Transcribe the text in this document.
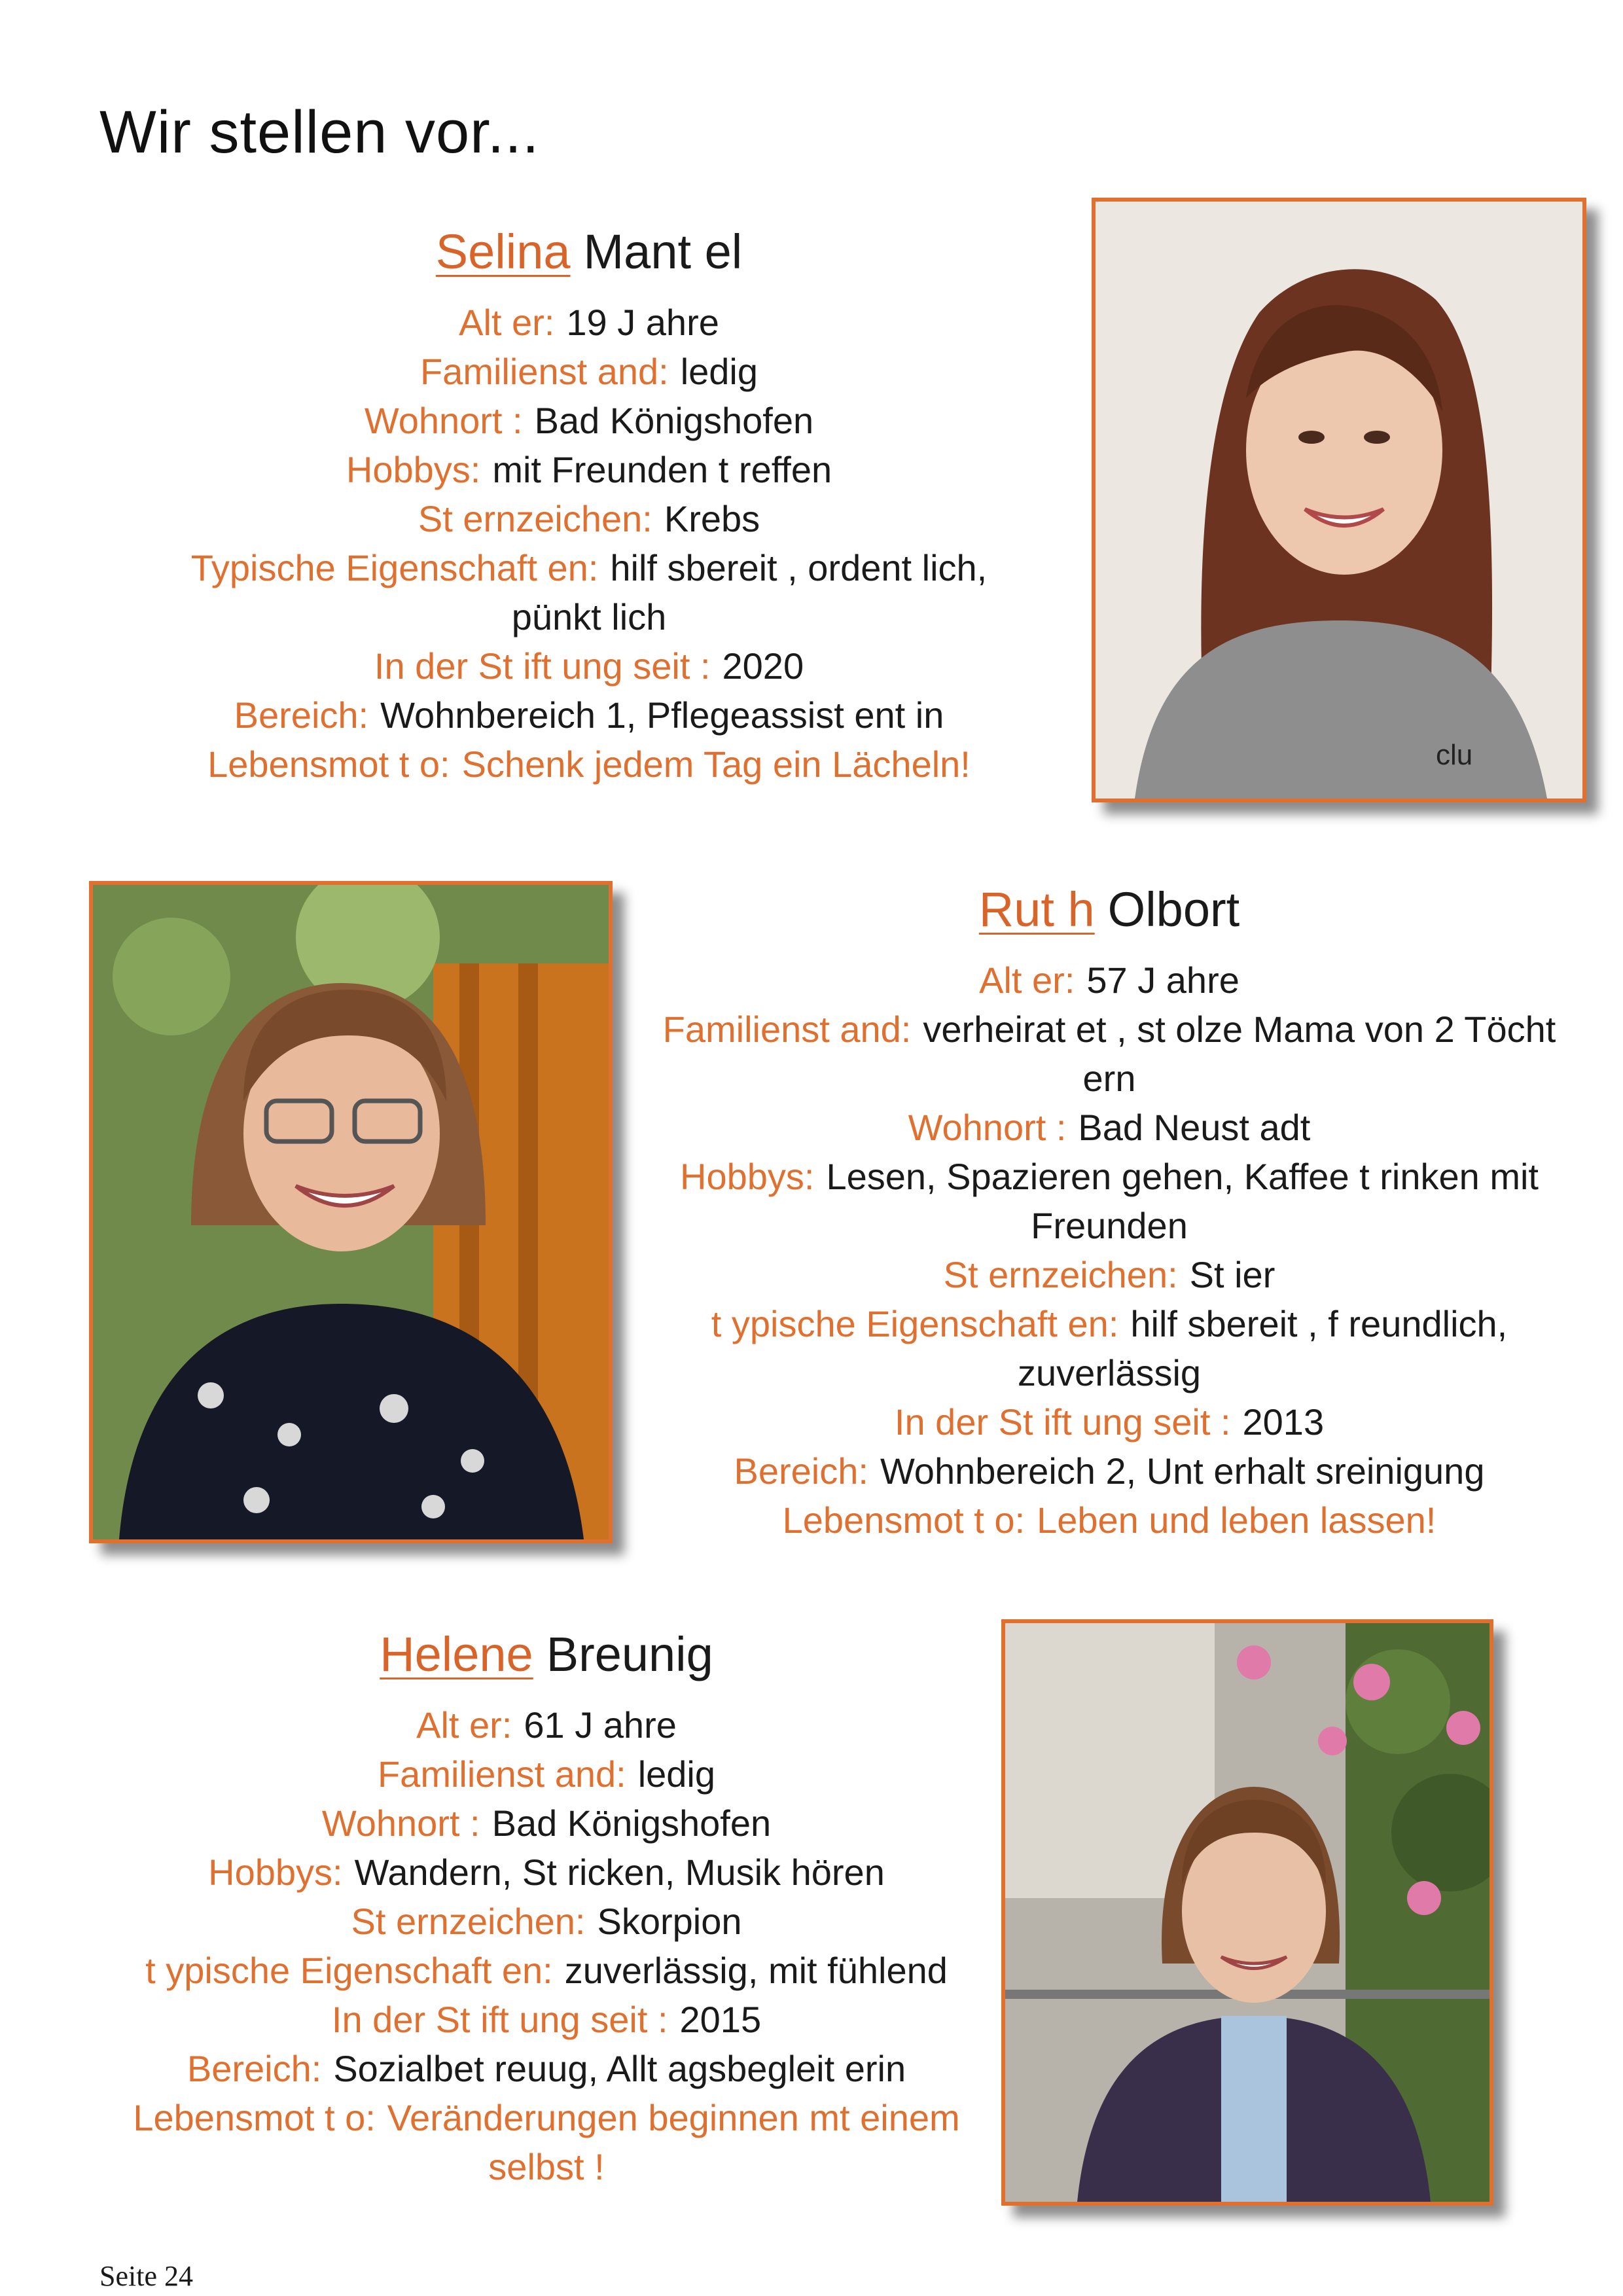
Wir stellen vor...
Selina Mant el
Alt er: 19 J ahre
Familienst and: ledig
Wohnort : Bad Königshofen
Hobbys: mit Freunden t reffen
St ernzeichen: Krebs
Typische Eigenschaft en: hilf sbereit , ordent lich, pünkt lich
In der St ift ung seit : 2020
Bereich: Wohnbereich 1, Pflegeassist ent in
Lebensmot t o: Schenk jedem Tag ein Lächeln!	clu
Rut h Olbort
Alt er: 57 J ahre
Familienst and: verheirat et , st olze Mama von 2 Töcht ern
Wohnort : Bad Neust adt
Hobbys: Lesen, Spazieren gehen, Kaffee t rinken mit Freunden
St ernzeichen: St ier
t ypische Eigenschaft en: hilf sbereit , f reundlich, zuverlässig
In der St ift ung seit : 2013
Bereich: Wohnbereich 2, Unt erhalt sreinigung
Lebensmot t o: Leben und leben lassen!
Helene Breunig
Alt er: 61 J ahre
Familienst and: ledig
Wohnort : Bad Königshofen
Hobbys: Wandern, St ricken, Musik hören
St ernzeichen: Skorpion
t ypische Eigenschaft en: zuverlässig, mit fühlend
In der St ift ung seit : 2015
Bereich: Sozialbet reuug, Allt agsbegleit erin
Lebensmot t o: Veränderungen beginnen mt einem selbst !
Seite 24
